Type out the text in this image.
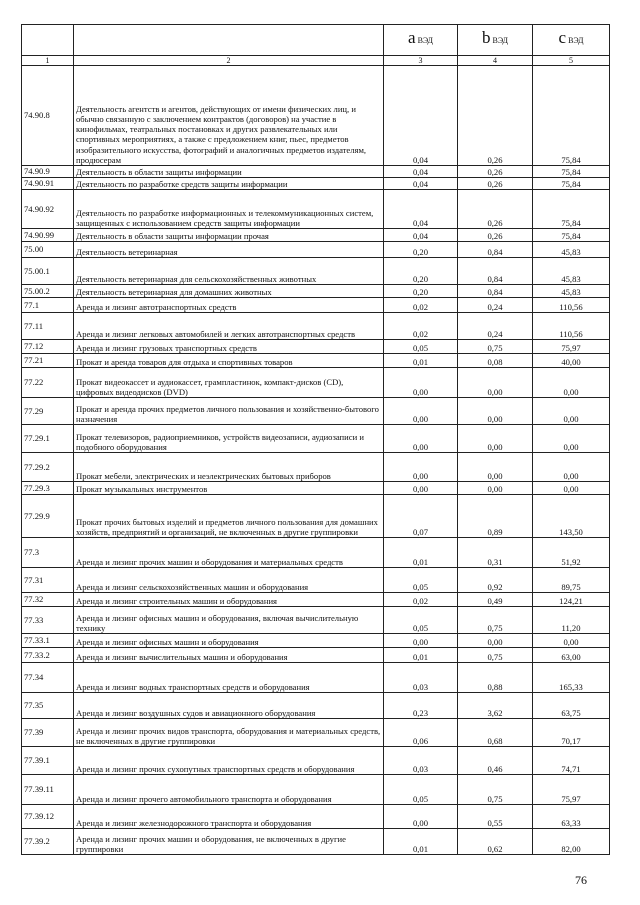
		a ВЭД	b ВЭД	c ВЭД
1	2	3	4	5
74.90.8	Деятельность агентств и агентов, действующих от имени физических лиц, и обычно связанную с заключением контрактов (договоров) на участие в кинофильмах, театральных постановках и других развлекательных или спортивных мероприятиях, а также с предложением книг, пьес, предметов изобразительного искусства, фотографий и аналогичных предметов издателям, продюсерам	0,04	0,26	75,84
74.90.9	Деятельность в области защиты информации	0,04	0,26	75,84
74.90.91	Деятельность по разработке средств защиты информации	0,04	0,26	75,84
74.90.92	Деятельность по разработке информационных и телекоммуникационных систем, защищенных с использованием средств защиты информации	0,04	0,26	75,84
74.90.99	Деятельность в области защиты информации прочая	0,04	0,26	75,84
75.00	Деятельность ветеринарная	0,20	0,84	45,83
75.00.1	Деятельность ветеринарная для сельскохозяйственных животных	0,20	0,84	45,83
75.00.2	Деятельность ветеринарная для домашних животных	0,20	0,84	45,83
77.1	Аренда и лизинг автотранспортных средств	0,02	0,24	110,56
77.11	Аренда и лизинг легковых автомобилей и легких автотранспортных средств	0,02	0,24	110,56
77.12	Аренда и лизинг грузовых транспортных средств	0,05	0,75	75,97
77.21	Прокат и аренда товаров для отдыха и спортивных товаров	0,01	0,08	40,00
77.22	Прокат видеокассет и аудиокассет, грампластинок, компакт-дисков (CD), цифровых видеодисков (DVD)	0,00	0,00	0,00
77.29	Прокат и аренда прочих предметов личного пользования и хозяйственно-бытового назначения	0,00	0,00	0,00
77.29.1	Прокат телевизоров, радиоприемников, устройств видеозаписи, аудиозаписи и подобного оборудования	0,00	0,00	0,00
77.29.2	Прокат мебели, электрических и неэлектрических бытовых приборов	0,00	0,00	0,00
77.29.3	Прокат музыкальных инструментов	0,00	0,00	0,00
77.29.9	Прокат прочих бытовых изделий и предметов личного пользования для домашних хозяйств, предприятий и организаций, не включенных в другие группировки	0,07	0,89	143,50
77.3	Аренда и лизинг прочих машин и оборудования и материальных средств	0,01	0,31	51,92
77.31	Аренда и лизинг сельскохозяйственных машин и оборудования	0,05	0,92	89,75
77.32	Аренда и лизинг строительных машин и оборудования	0,02	0,49	124,21
77.33	Аренда и лизинг офисных машин и оборудования, включая вычислительную технику	0,05	0,75	11,20
77.33.1	Аренда и лизинг офисных машин и оборудования	0,00	0,00	0,00
77.33.2	Аренда и лизинг вычислительных машин и оборудования	0,01	0,75	63,00
77.34	Аренда и лизинг водных транспортных средств и оборудования	0,03	0,88	165,33
77.35	Аренда и лизинг воздушных судов и авиационного оборудования	0,23	3,62	63,75
77.39	Аренда и лизинг прочих видов транспорта, оборудования и материальных средств, не включенных в другие группировки	0,06	0,68	70,17
77.39.1	Аренда и лизинг прочих сухопутных транспортных средств и оборудования	0,03	0,46	74,71
77.39.11	Аренда и лизинг прочего автомобильного транспорта и оборудования	0,05	0,75	75,97
77.39.12	Аренда и лизинг железнодорожного транспорта и оборудования	0,00	0,55	63,33
77.39.2	Аренда и лизинг прочих машин и оборудования, не включенных в другие группировки	0,01	0,62	82,00
76
